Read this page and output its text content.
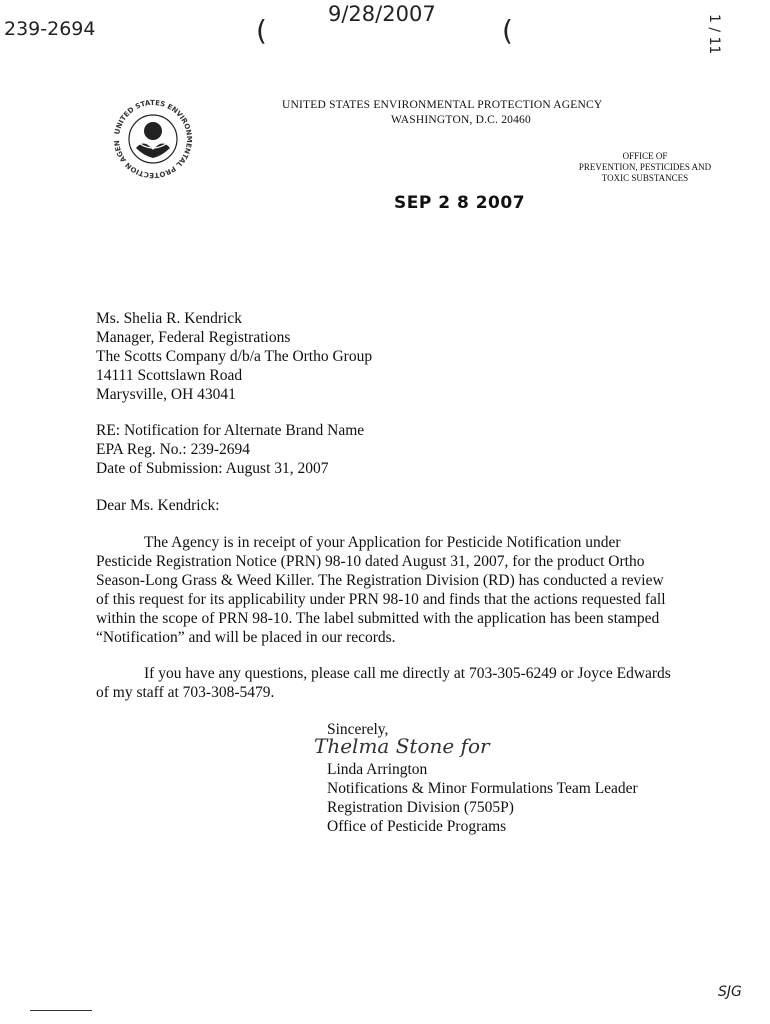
239-2694	(	9/28/2007 (	1 / 11
UNITED STATES ENVIRONMENTAL PROTECTION AGEN
UNITED STATES ENVIRONMENTAL PROTECTION AGENCY
WASHINGTON, D.C. 20460
OFFICE OF
PREVENTION, PESTICIDES AND
TOXIC SUBSTANCES
SEP 2 8 2007
Ms. Shelia R. Kendrick
Manager, Federal Registrations
The Scotts Company d/b/a The Ortho Group
14111 Scottslawn Road
Marysville, OH 43041
RE: Notification for Alternate Brand Name
EPA Reg. No.: 239-2694
Date of Submission: August 31, 2007
Dear Ms. Kendrick:
The Agency is in receipt of your Application for Pesticide Notification under
Pesticide Registration Notice (PRN) 98-10 dated August 31, 2007, for the product Ortho
Season-Long Grass & Weed Killer. The Registration Division (RD) has conducted a review
of this request for its applicability under PRN 98-10 and finds that the actions requested fall
within the scope of PRN 98-10. The label submitted with the application has been stamped
“Notification” and will be placed in our records.
If you have any questions, please call me directly at 703-305-6249 or Joyce Edwards
of my staff at 703-308-5479.
Sincerely,
Thelma Stone for
Linda Arrington
Notifications & Minor Formulations Team Leader
Registration Division (7505P)
Office of Pesticide Programs
SJG
